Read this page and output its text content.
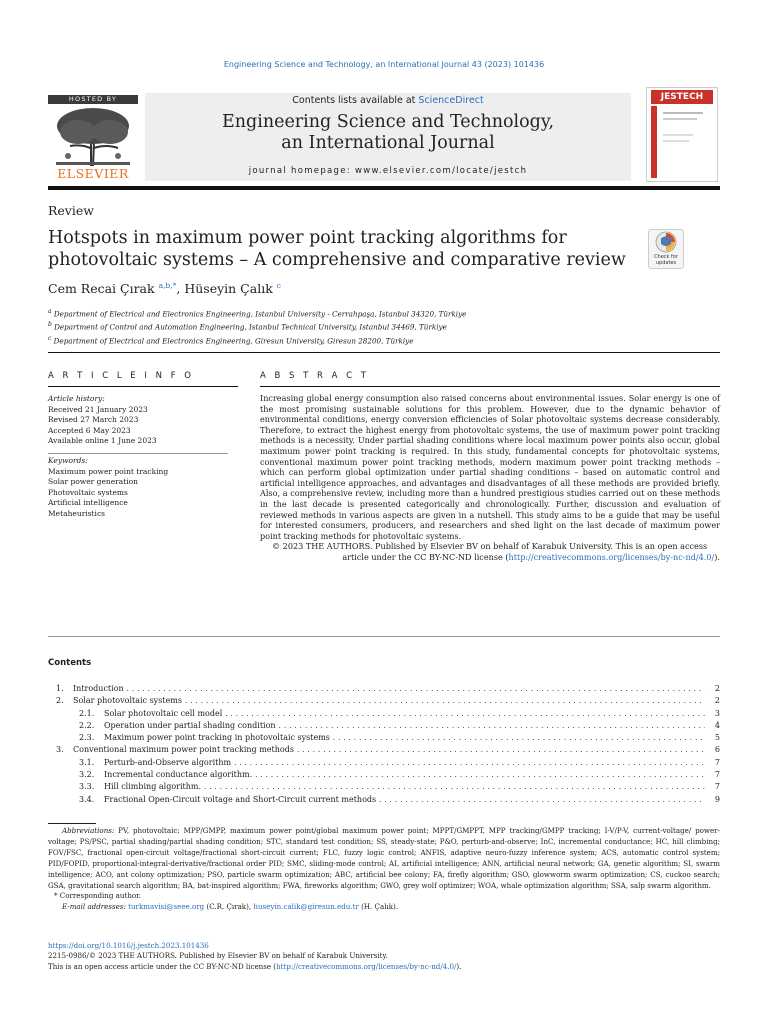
Engineering Science and Technology, an International Journal 43 (2023) 101436
HOSTED BY
ELSEVIER
Contents lists available at ScienceDirect
Engineering Science and Technology,
an International Journal
journal homepage: www.elsevier.com/locate/jestch
JESTECH
Review
Hotspots in maximum power point tracking algorithms for photovoltaic systems – A comprehensive and comparative review	Check for updates
Cem Recai Çırak $^{a,b,*}$, Hüseyin Çalık $^c$
$^a$ Department of Electrical and Electronics Engineering, Istanbul University - Cerrahpaşa, Istanbul 34320, Türkiye
$^b$ Department of Control and Automation Engineering, Istanbul Technical University, Istanbul 34469, Türkiye
$^c$ Department of Electrical and Electronics Engineering, Giresun University, Giresun 28200, Türkiye
A R T I C L E I N F O
Article history:
Received 21 January 2023
Revised 27 March 2023
Accepted 6 May 2023
Available online 1 June 2023
Keywords:
Maximum power point tracking
Solar power generation
Photovoltaic systems
Artificial intelligence
Metaheuristics
A B S T R A C T
Increasing global energy consumption also raised concerns about environmental issues. Solar energy is one of the most promising sustainable solutions for this problem. However, due to the dynamic behavior of environmental conditions, energy conversion efficiencies of Solar photovoltaic systems decrease considerably. Therefore, to extract the highest energy from photovoltaic systems, the use of maximum power point tracking methods is a necessity. Under partial shading conditions where local maximum power points also occur, global maximum power point tracking is required. In this study, fundamental concepts for photovoltaic systems, conventional maximum power point tracking methods, modern maximum power point tracking methods – which can perform global optimization under partial shading conditions – based on automatic control and artificial intelligence approaches, and advantages and disadvantages of all these methods are provided briefly. Also, a comprehensive review, including more than a hundred prestigious studies carried out on these methods in the last decade is presented categorically and chronologically. Further, discussion and evaluation of reviewed methods in various aspects are given in a nutshell. This study aims to be a guide that may be useful for interested consumers, producers, and researchers and shed light on the last decade of maximum power point tracking methods for photovoltaic systems.
© 2023 THE AUTHORS. Published by Elsevier BV on behalf of Karabuk University. This is an open access
article under the CC BY-NC-ND license (http://creativecommons.org/licenses/by-nc-nd/4.0/).
Contents
1.	Introduction . . .	2
2.	Solar photovoltaic systems . . .	2
2.1.	Solar photovoltaic cell model . . .	3
2.2.	Operation under partial shading condition . . .	4
2.3.	Maximum power point tracking in photovoltaic systems . . .	5
3.	Conventional maximum power point tracking methods . . .	6
3.1.	Perturb-and-Observe algorithm . . .	7
3.2.	Incremental conductance algorithm. . . .	7
3.3.	Hill climbing algorithm. . . .	7
3.4.	Fractional Open-Circuit voltage and Short-Circuit current methods . . .	9
Abbreviations: PV, photovoltaic; MPP/GMPP, maximum power point/global maximum power point; MPPT/GMPPT, MPP tracking/GMPP tracking; I-V/P-V, current-voltage/ power-voltage; PS/PSC, partial shading/partial shading condition; STC, standard test condition; SS, steady-state; P&O, perturb-and-observe; InC, incremental conductance; HC, hill climbing; FOV/FSC, fractional open-circuit voltage/fractional short-circuit current; FLC, fuzzy logic control; ANFIS, adaptive neuro-fuzzy inference system; ACS, automatic control system; PID/FOPID, proportional-integral-derivative/fractional order PID; SMC, sliding-mode control; AI, artificial intelligence; ANN, artificial neural network; GA, genetic algorithm; SI, swarm intelligence; ACO, ant colony optimization; PSO, particle swarm optimization; ABC, artificial bee colony; FA, firefly algorithm; GSO, glowworm swarm optimization; CS, cuckoo search; GSA, gravitational search algorithm; BA, bat-inspired algorithm; FWA, fireworks algorithm; GWO, grey wolf optimizer; WOA, whale optimization algorithm; SSA, salp swarm algorithm.
* Corresponding author.
E-mail addresses: turkmavisi@seee.org (C.R. Çırak), huseyin.calik@giresun.edu.tr (H. Çalık).
https://doi.org/10.1016/j.jestch.2023.101436
2215-0986/© 2023 THE AUTHORS. Published by Elsevier BV on behalf of Karabuk University.
This is an open access article under the CC BY-NC-ND license (http://creativecommons.org/licenses/by-nc-nd/4.0/).
